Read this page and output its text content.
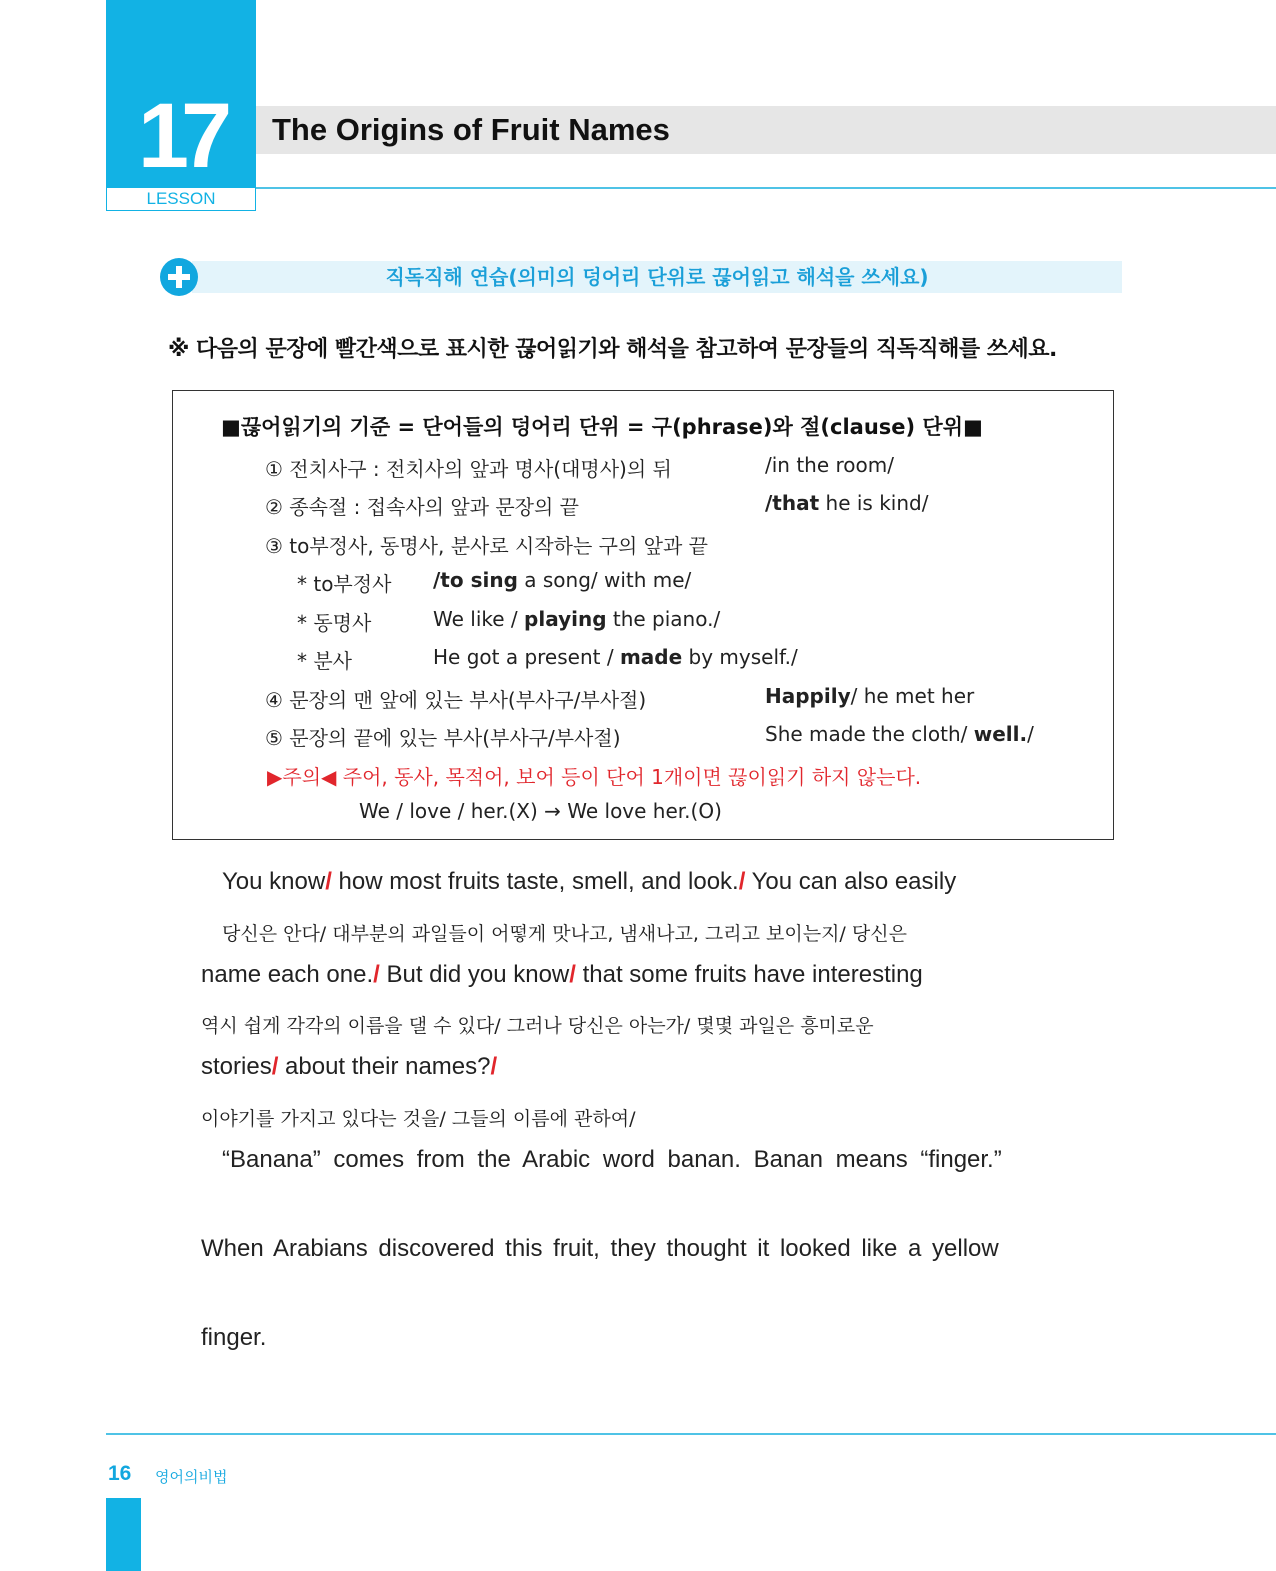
17
LESSON
The Origins of Fruit Names
직독직해 연습(의미의 덩어리 단위로 끊어읽고 해석을 쓰세요)
※ 다음의 문장에 빨간색으로 표시한 끊어읽기와 해석을 참고하여 문장들의 직독직해를 쓰세요.
■끊어읽기의 기준 = 단어들의 덩어리 단위 = 구(phrase)와 절(clause) 단위■
① 전치사구 : 전치사의 앞과 명사(대명사)의 뒤	/in the room/
② 종속절 : 접속사의 앞과 문장의 끝	/that he is kind/
③ to부정사, 동명사, 분사로 시작하는 구의 앞과 끝
* to부정사 /to sing a song/ with me/
* 동명사	We like / playing the piano./
* 분사	He got a present / made by myself./
④ 문장의 맨 앞에 있는 부사(부사구/부사절)	Happily/ he met her
⑤ 문장의 끝에 있는 부사(부사구/부사절)	She made the cloth/ well./
▶주의◀ 주어, 동사, 목적어, 보어 등이 단어 1개이면 끊이읽기 하지 않는다.
We / love / her.(X) → We love her.(O)
You know/ how most fruits taste, smell, and look./ You can also easily
당신은 안다/ 대부분의 과일들이 어떻게 맛나고, 냄새나고, 그리고 보이는지/ 당신은
name each one./ But did you know/ that some fruits have interesting
역시 쉽게 각각의 이름을 댈 수 있다/ 그러나 당신은 아는가/ 몇몇 과일은 흥미로운
stories/ about their names?/
이야기를 가지고 있다는 것을/ 그들의 이름에 관하여/
“Banana” comes from the Arabic word banan. Banan means “finger.”
When Arabians discovered this fruit, they thought it looked like a yellow
finger.
16 영어의비법
